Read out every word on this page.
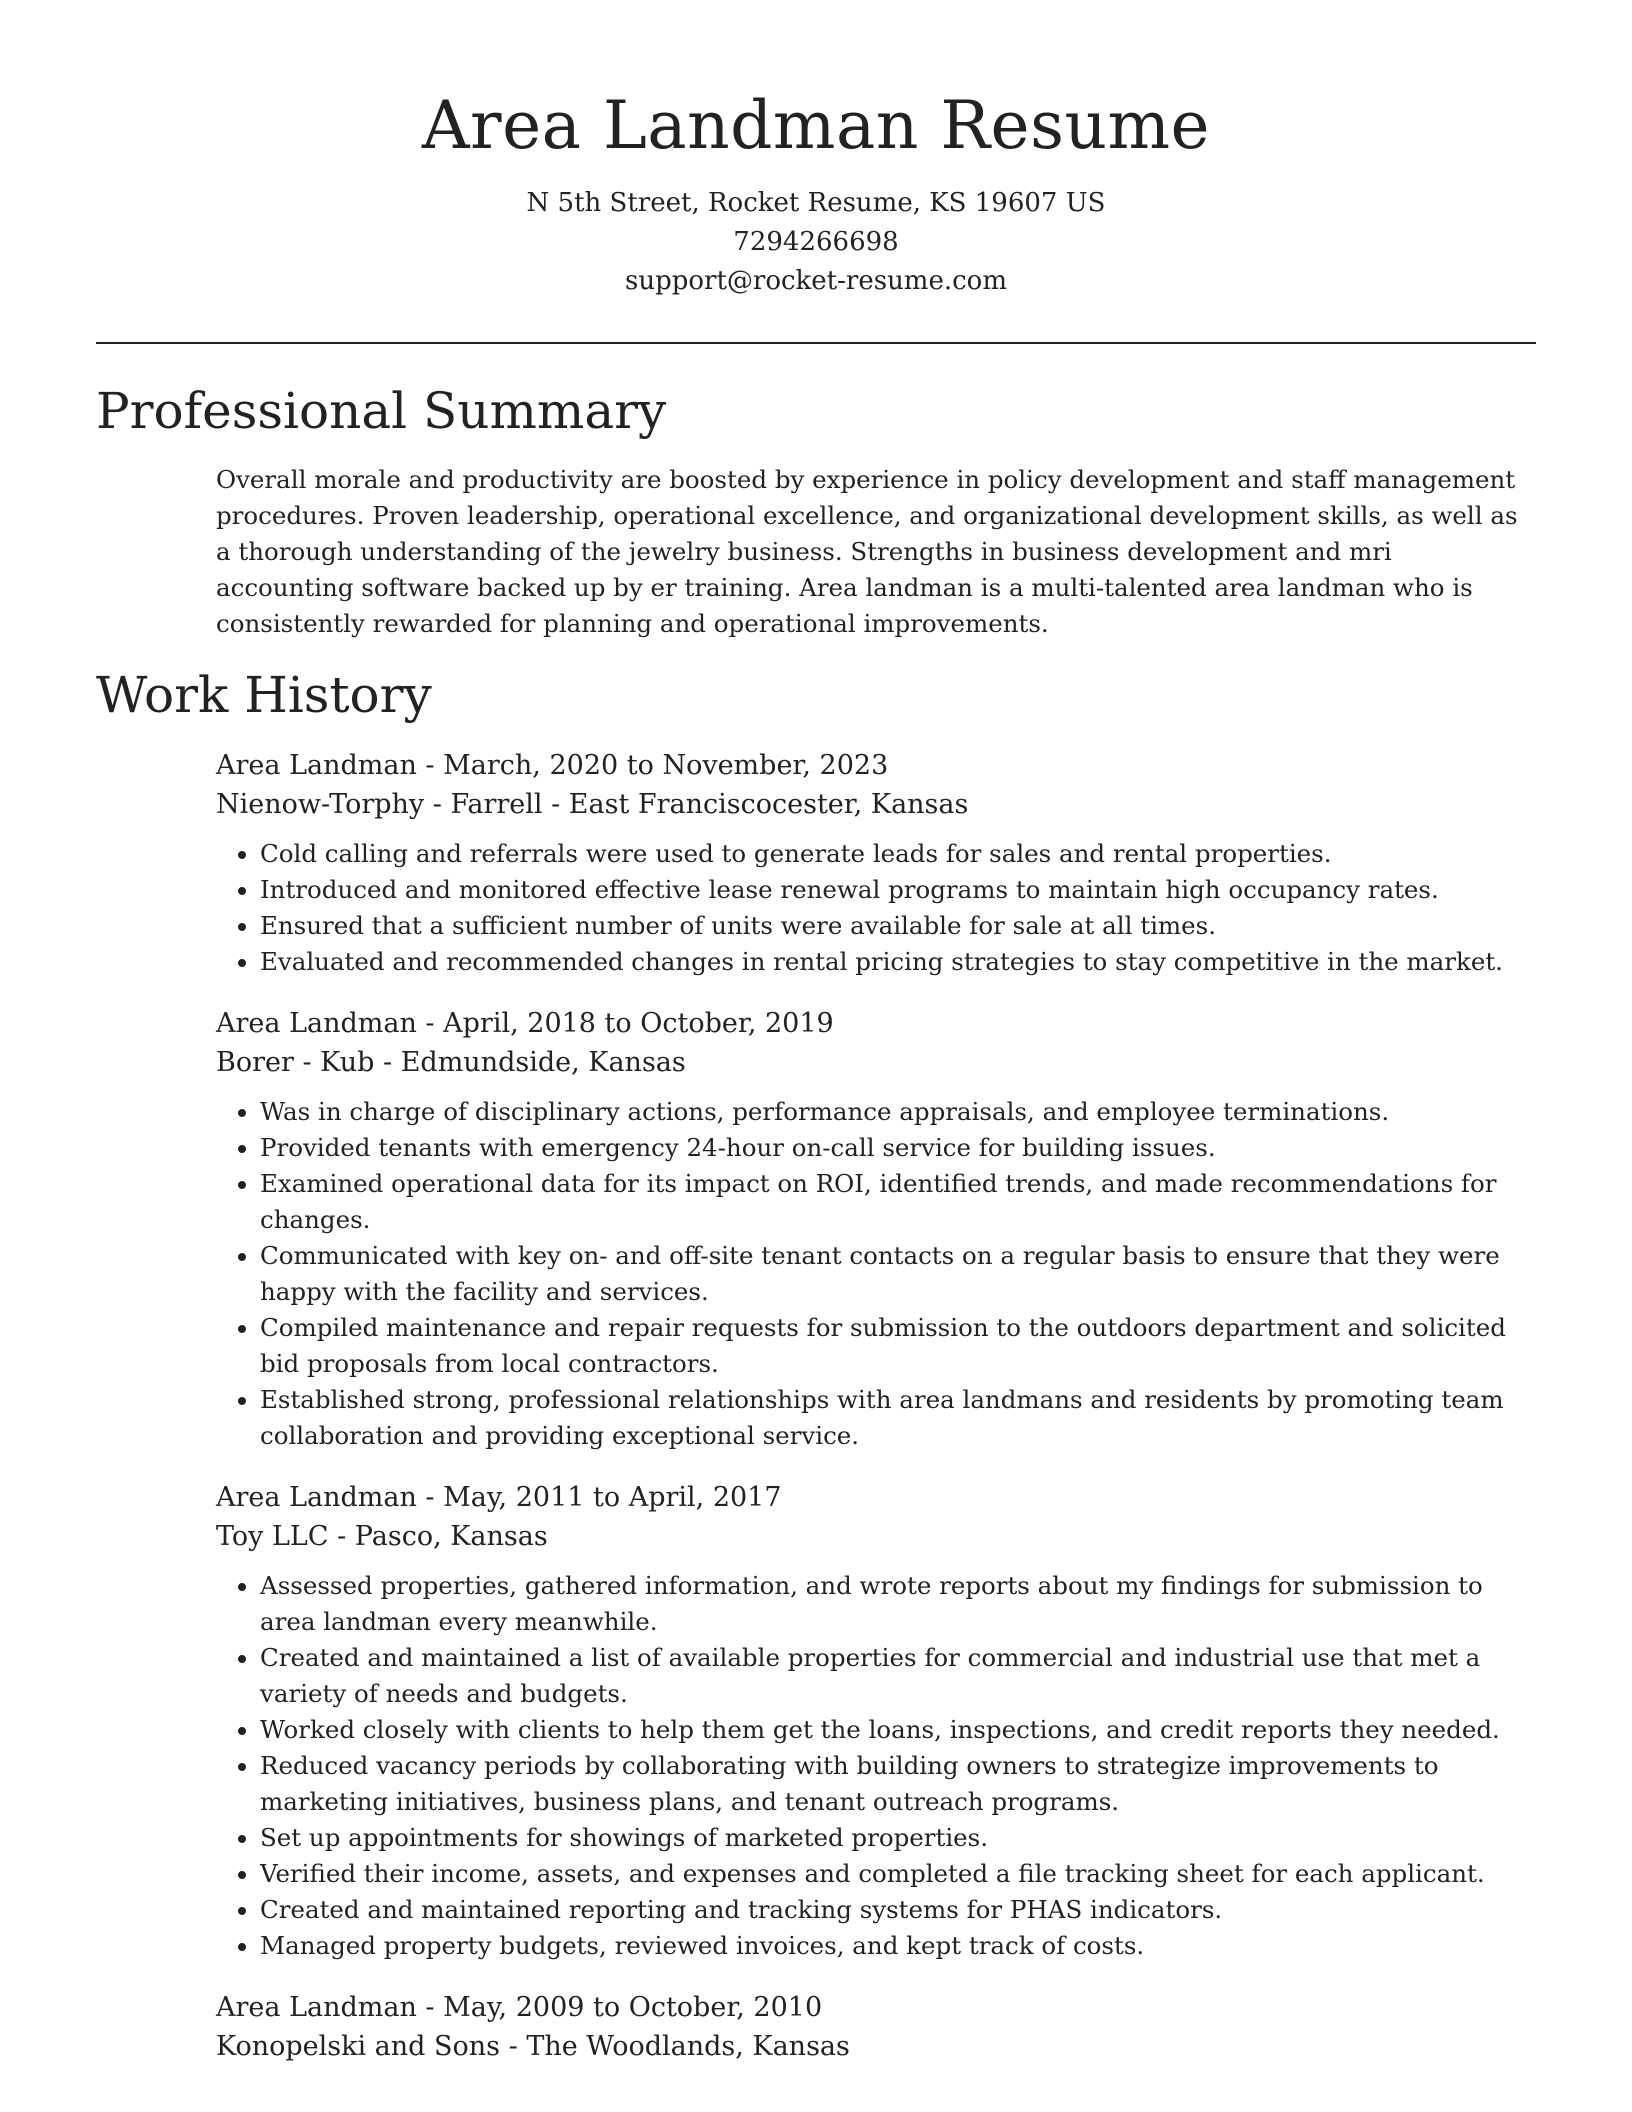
Area Landman Resume
N 5th Street, Rocket Resume, KS 19607 US
7294266698
support@rocket-resume.com
Professional Summary

Overall morale and productivity are boosted by experience in policy development and staff management procedures. Proven leadership, operational excellence, and organizational development skills, as well as a thorough understanding of the jewelry business. Strengths in business development and mri accounting software backed up by er training. Area landman is a multi-talented area landman who is consistently rewarded for planning and operational improvements.

Work History

Area Landman - March, 2020 to November, 2023

Nienow-Torphy - Farrell - East Franciscocester, Kansas

• Cold calling and referrals were used to generate leads for sales and rental properties.
• Introduced and monitored effective lease renewal programs to maintain high occupancy rates.
• Ensured that a sufficient number of units were available for sale at all times.
• Evaluated and recommended changes in rental pricing strategies to stay competitive in the market.

Area Landman - April, 2018 to October, 2019

Borer - Kub - Edmundside, Kansas

• Was in charge of disciplinary actions, performance appraisals, and employee terminations.
• Provided tenants with emergency 24-hour on-call service for building issues.
• Examined operational data for its impact on ROI, identified trends, and made recommendations for changes.
• Communicated with key on- and off-site tenant contacts on a regular basis to ensure that they were happy with the facility and services.
• Compiled maintenance and repair requests for submission to the outdoors department and solicited bid proposals from local contractors.
• Established strong, professional relationships with area landmans and residents by promoting team collaboration and providing exceptional service.

Area Landman - May, 2011 to April, 2017

Toy LLC - Pasco, Kansas

• Assessed properties, gathered information, and wrote reports about my findings for submission to area landman every meanwhile.
• Created and maintained a list of available properties for commercial and industrial use that met a variety of needs and budgets.
• Worked closely with clients to help them get the loans, inspections, and credit reports they needed.
• Reduced vacancy periods by collaborating with building owners to strategize improvements to marketing initiatives, business plans, and tenant outreach programs.
• Set up appointments for showings of marketed properties.
• Verified their income, assets, and expenses and completed a file tracking sheet for each applicant.
• Created and maintained reporting and tracking systems for PHAS indicators.
• Managed property budgets, reviewed invoices, and kept track of costs.

Area Landman - May, 2009 to October, 2010

Konopelski and Sons - The Woodlands, Kansas
